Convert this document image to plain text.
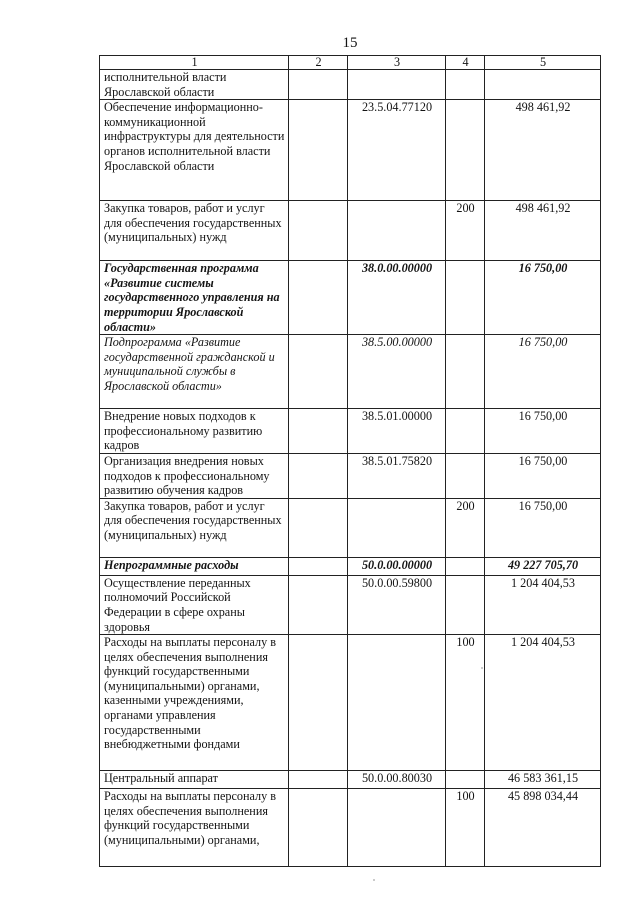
15
1	2	3	4	5
исполнительной власти Ярославской области				
Обеспечение информационно-коммуникационной инфраструктуры для деятельности органов исполнительной власти Ярославской области		23.5.04.77120		498 461,92
Закупка товаров, работ и услуг для обеспечения государственных (муниципальных) нужд			200	498 461,92
Государственная программа «Развитие системы государственного управления на территории Ярославской области»		38.0.00.00000		16 750,00
Подпрограмма «Развитие государственной гражданской и муниципальной службы в Ярославской области»		38.5.00.00000		16 750,00
Внедрение новых подходов к профессиональному развитию кадров		38.5.01.00000		16 750,00
Организация внедрения новых подходов к профессиональному развитию обучения кадров		38.5.01.75820		16 750,00
Закупка товаров, работ и услуг для обеспечения государственных (муниципальных) нужд			200	16 750,00
Непрограммные расходы		50.0.00.00000		49 227 705,70
Осуществление переданных полномочий Российской Федерации в сфере охраны здоровья		50.0.00.59800		1 204 404,53
Расходы на выплаты персоналу в целях обеспечения выполнения функций государственными (муниципальными) органами, казенными учреждениями, органами управления государственными внебюджетными фондами			100	1 204 404,53
Центральный аппарат		50.0.00.80030		46 583 361,15
Расходы на выплаты персоналу в целях обеспечения выполнения функций государственными (муниципальными) органами,			100	45 898 034,44
